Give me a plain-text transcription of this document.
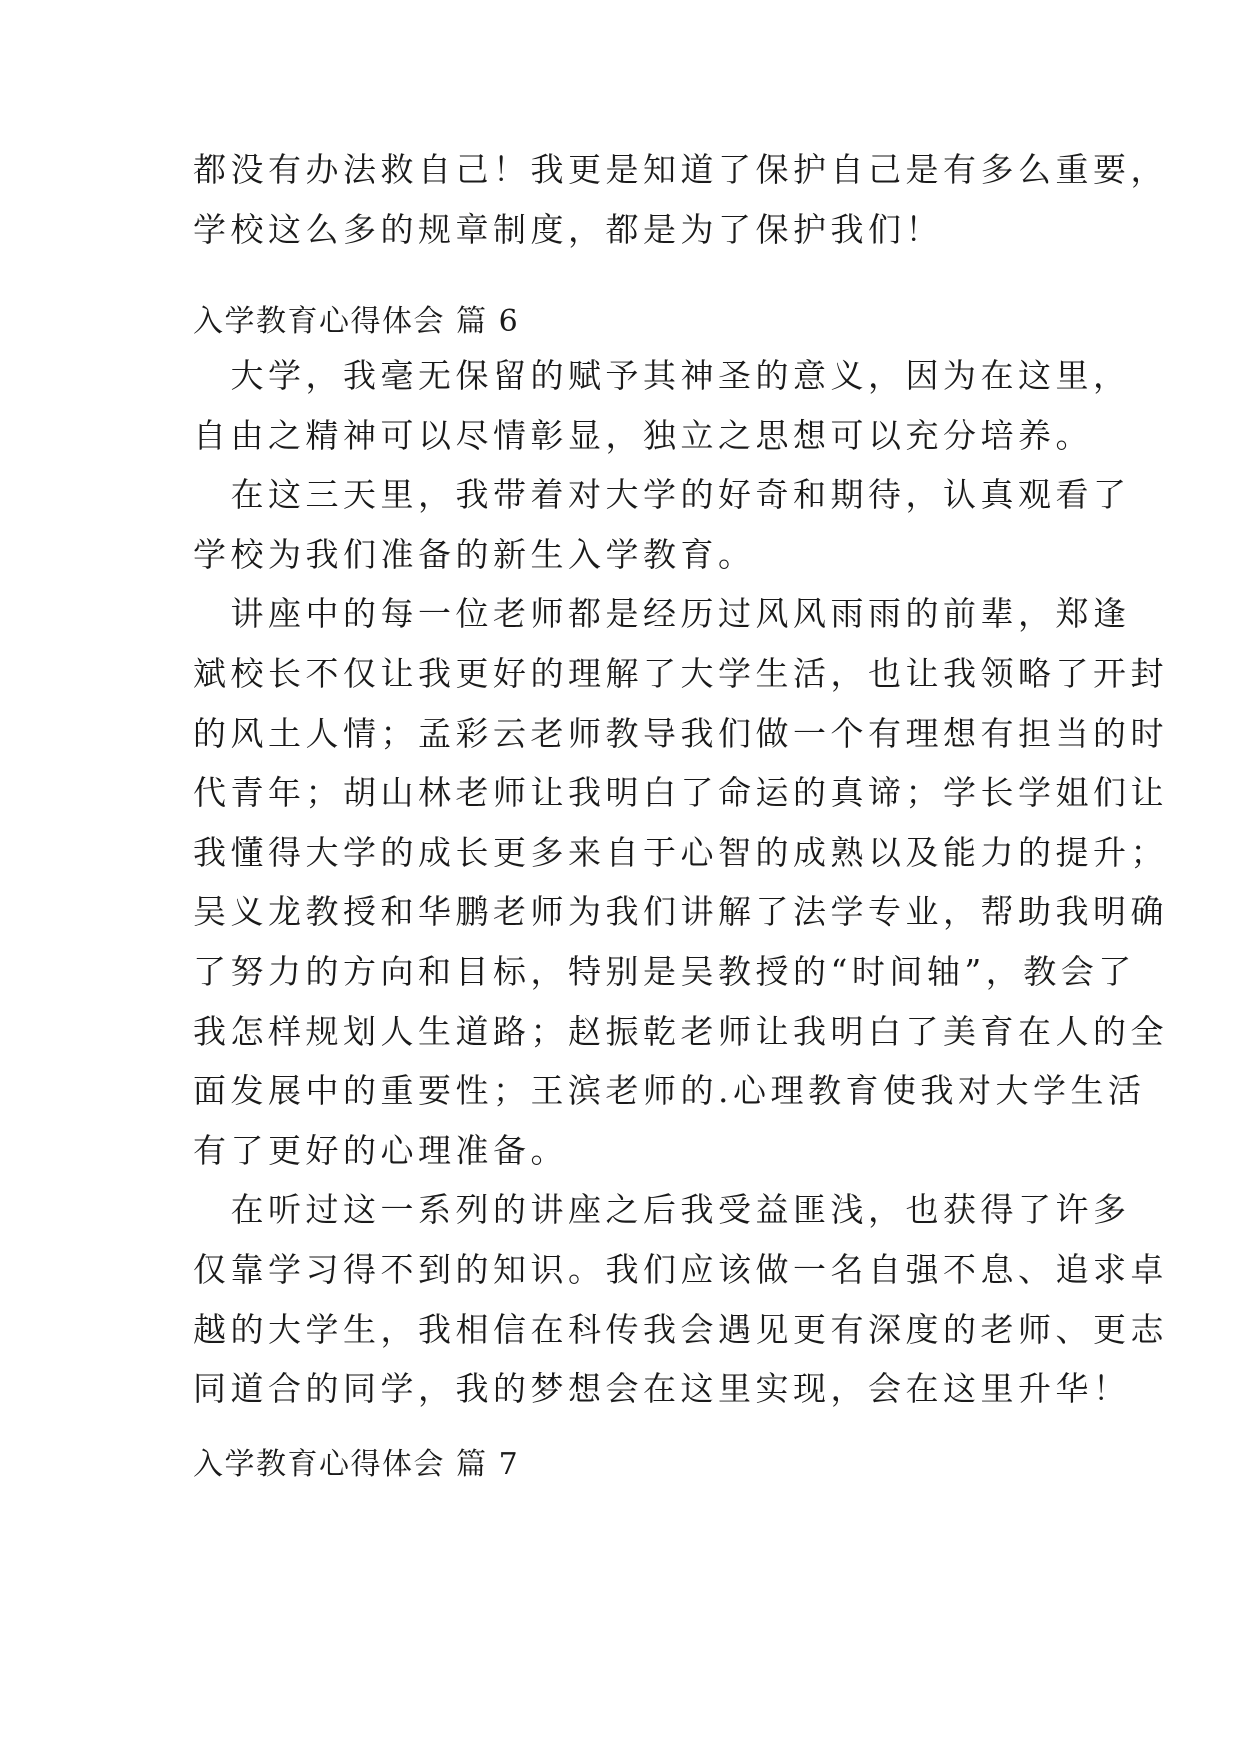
都没有办法救自己！我更是知道了保护自己是有多么重要，
学校这么多的规章制度，都是为了保护我们！
入学教育心得体会 篇 6
　大学，我毫无保留的赋予其神圣的意义，因为在这里，
自由之精神可以尽情彰显，独立之思想可以充分培养。
　在这三天里，我带着对大学的好奇和期待，认真观看了
学校为我们准备的新生入学教育。
　讲座中的每一位老师都是经历过风风雨雨的前辈，郑逢
斌校长不仅让我更好的理解了大学生活，也让我领略了开封
的风土人情；孟彩云老师教导我们做一个有理想有担当的时
代青年；胡山林老师让我明白了命运的真谛；学长学姐们让
我懂得大学的成长更多来自于心智的成熟以及能力的提升；
吴义龙教授和华鹏老师为我们讲解了法学专业，帮助我明确
了努力的方向和目标，特别是吴教授的“时间轴”，教会了
我怎样规划人生道路；赵振乾老师让我明白了美育在人的全
面发展中的重要性；王滨老师的.心理教育使我对大学生活
有了更好的心理准备。
　在听过这一系列的讲座之后我受益匪浅，也获得了许多
仅靠学习得不到的知识。我们应该做一名自强不息、追求卓
越的大学生，我相信在科传我会遇见更有深度的老师、更志
同道合的同学，我的梦想会在这里实现，会在这里升华！
入学教育心得体会 篇 7
